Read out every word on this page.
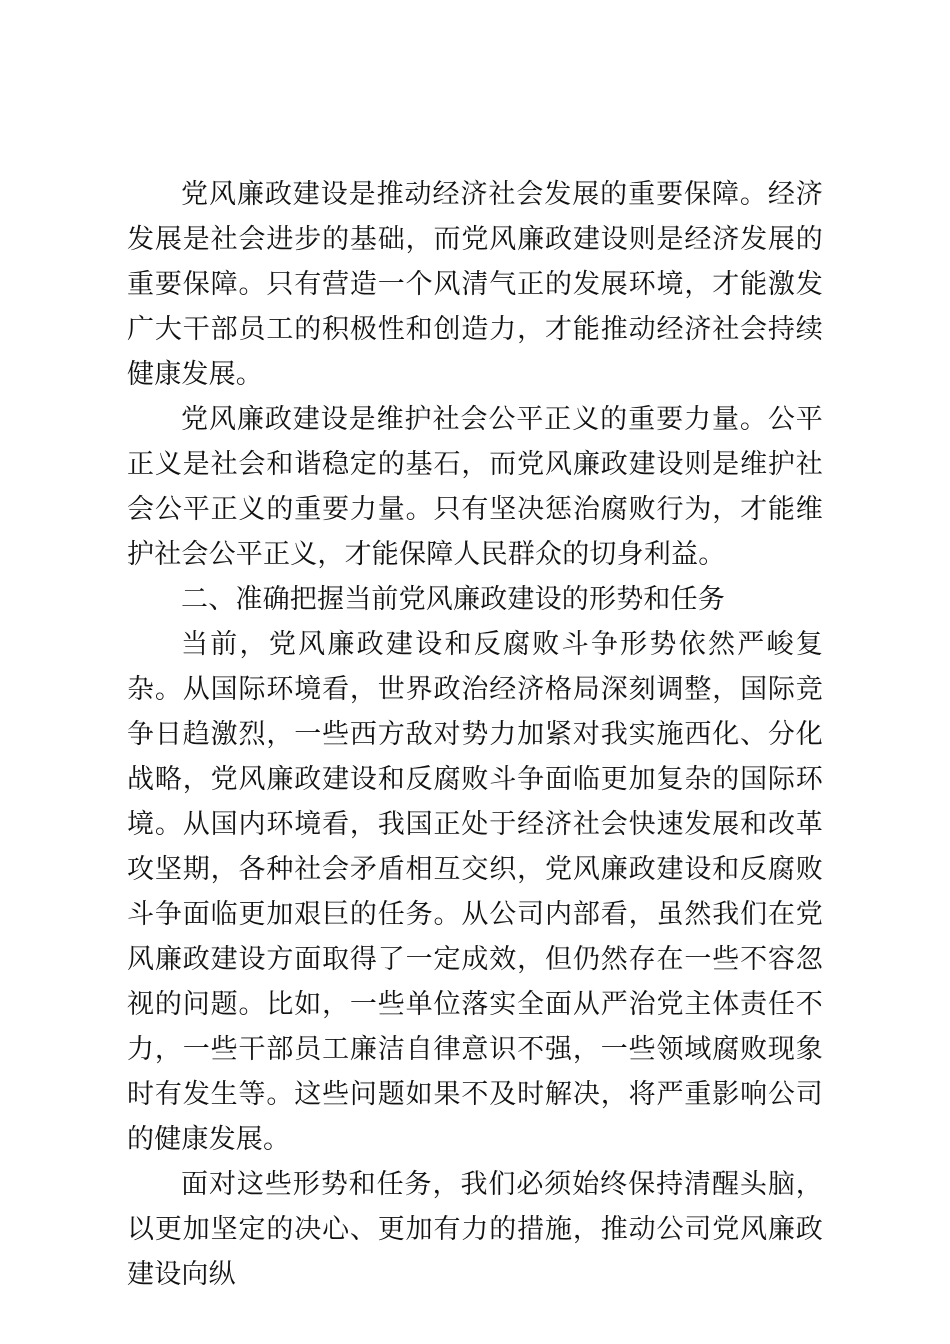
党风廉政建设是推动经济社会发展的重要保障。经济发展是社会进步的基础，而党风廉政建设则是经济发展的重要保障。只有营造一个风清气正的发展环境，才能激发广大干部员工的积极性和创造力，才能推动经济社会持续健康发展。

党风廉政建设是维护社会公平正义的重要力量。公平正义是社会和谐稳定的基石，而党风廉政建设则是维护社会公平正义的重要力量。只有坚决惩治腐败行为，才能维护社会公平正义，才能保障人民群众的切身利益。

二、准确把握当前党风廉政建设的形势和任务

当前，党风廉政建设和反腐败斗争形势依然严峻复杂。从国际环境看，世界政治经济格局深刻调整，国际竞争日趋激烈，一些西方敌对势力加紧对我实施西化、分化战略，党风廉政建设和反腐败斗争面临更加复杂的国际环境。从国内环境看，我国正处于经济社会快速发展和改革攻坚期，各种社会矛盾相互交织，党风廉政建设和反腐败斗争面临更加艰巨的任务。从公司内部看，虽然我们在党风廉政建设方面取得了一定成效，但仍然存在一些不容忽视的问题。比如，一些单位落实全面从严治党主体责任不力，一些干部员工廉洁自律意识不强，一些领域腐败现象时有发生等。这些问题如果不及时解决，将严重影响公司的健康发展。

面对这些形势和任务，我们必须始终保持清醒头脑，以更加坚定的决心、更加有力的措施，推动公司党风廉政建设向纵
